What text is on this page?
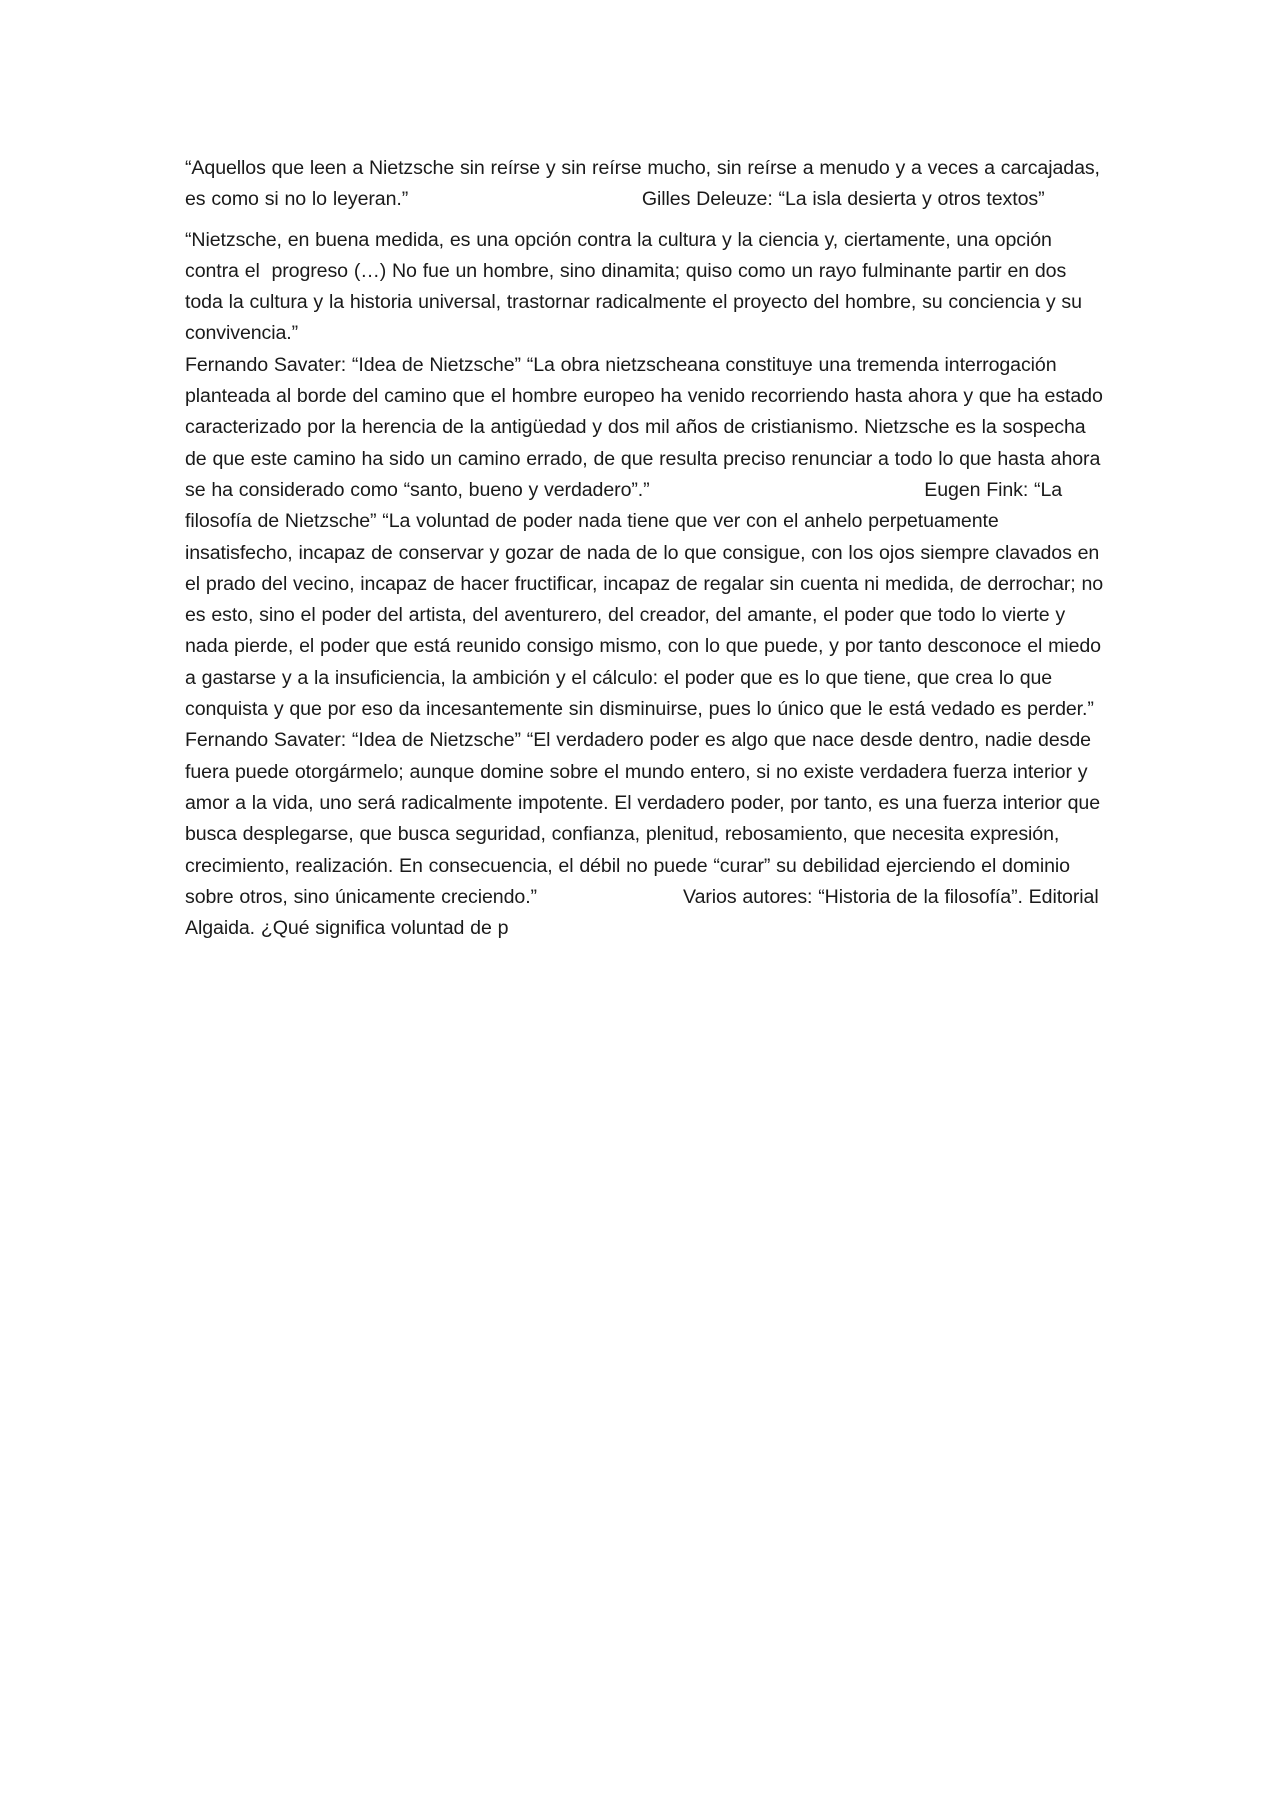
“Aquellos que leen a Nietzsche sin reírse y sin reírse mucho, sin reírse a menudo y a veces a carcajadas, es como si no lo leyeran.”                                        Gilles Deleuze: “La isla desierta y otros textos”

“Nietzsche, en buena medida, es una opción contra la cultura y la ciencia y, ciertamente, una opción contra el  progreso (…) No fue un hombre, sino dinamita; quiso como un rayo fulminante partir en dos toda la cultura y la historia universal, trastornar radicalmente el proyecto del hombre, su conciencia y su convivencia.”

Fernando Savater: “Idea de Nietzsche” “La obra nietzscheana constituye una tremenda interrogación planteada al borde del camino que el hombre europeo ha venido recorriendo hasta ahora y que ha estado caracterizado por la herencia de la antigüedad y dos mil años de cristianismo. Nietzsche es la sospecha de que este camino ha sido un camino errado, de que resulta preciso renunciar a todo lo que hasta ahora se ha considerado como “santo, bueno y verdadero”.”                                               Eugen Fink: “La filosofía de Nietzsche” “La voluntad de poder nada tiene que ver con el anhelo perpetuamente insatisfecho, incapaz de conservar y gozar de nada de lo que consigue, con los ojos siempre clavados en el prado del vecino, incapaz de hacer fructificar, incapaz de regalar sin cuenta ni medida, de derrochar; no es esto, sino el poder del artista, del aventurero, del creador, del amante, el poder que todo lo vierte y nada pierde, el poder que está reunido consigo mismo, con lo que puede, y por tanto desconoce el miedo a gastarse y a la insuficiencia, la ambición y el cálculo: el poder que es lo que tiene, que crea lo que conquista y que por eso da incesantemente sin disminuirse, pues lo único que le está vedado es perder.” Fernando Savater: “Idea de Nietzsche” “El verdadero poder es algo que nace desde dentro, nadie desde fuera puede otorgármelo; aunque domine sobre el mundo entero, si no existe verdadera fuerza interior y amor a la vida, uno será radicalmente impotente. El verdadero poder, por tanto, es una fuerza interior que busca desplegarse, que busca seguridad, confianza, plenitud, rebosamiento, que necesita expresión, crecimiento, realización. En consecuencia, el débil no puede “curar” su debilidad ejerciendo el dominio sobre otros, sino únicamente creciendo.”                         Varios autores: “Historia de la filosofía”. Editorial Algaida. ¿Qué significa voluntad de p
